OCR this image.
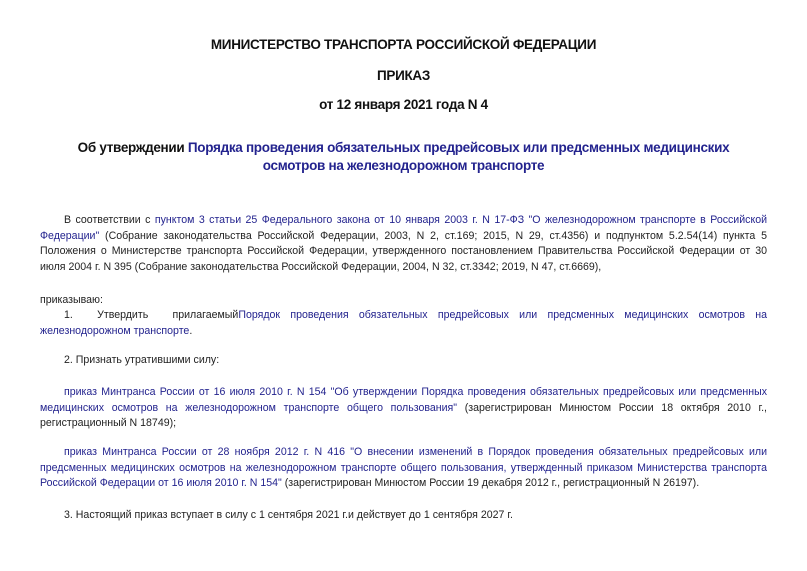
МИНИСТЕРСТВО ТРАНСПОРТА РОССИЙСКОЙ ФЕДЕРАЦИИ
ПРИКАЗ
от 12 января 2021 года N 4
Об утверждении Порядка проведения обязательных предрейсовых или предсменных медицинских осмотров на железнодорожном транспорте
В соответствии с пунктом 3 статьи 25 Федерального закона от 10 января 2003 г. N 17-ФЗ "О железнодорожном транспорте в Российской Федерации" (Собрание законодательства Российской Федерации, 2003, N 2, ст.169; 2015, N 29, ст.4356) и подпунктом 5.2.54(14) пункта 5 Положения о Министерстве транспорта Российской Федерации, утвержденного постановлением Правительства Российской Федерации от 30 июля 2004 г. N 395 (Собрание законодательства Российской Федерации, 2004, N 32, ст.3342; 2019, N 47, ст.6669),
приказываю:
1. Утвердить прилагаемыйПорядок проведения обязательных предрейсовых или предсменных медицинских осмотров на железнодорожном транспорте.
2. Признать утратившими силу:
приказ Минтранса России от 16 июля 2010 г. N 154 "Об утверждении Порядка проведения обязательных предрейсовых или предсменных медицинских осмотров на железнодорожном транспорте общего пользования" (зарегистрирован Минюстом России 18 октября 2010 г., регистрационный N 18749);
приказ Минтранса России от 28 ноября 2012 г. N 416 "О внесении изменений в Порядок проведения обязательных предрейсовых или предсменных медицинских осмотров на железнодорожном транспорте общего пользования, утвержденный приказом Министерства транспорта Российской Федерации от 16 июля 2010 г. N 154" (зарегистрирован Минюстом России 19 декабря 2012 г., регистрационный N 26197).
3. Настоящий приказ вступает в силу с 1 сентября 2021 г.и действует до 1 сентября 2027 г.
